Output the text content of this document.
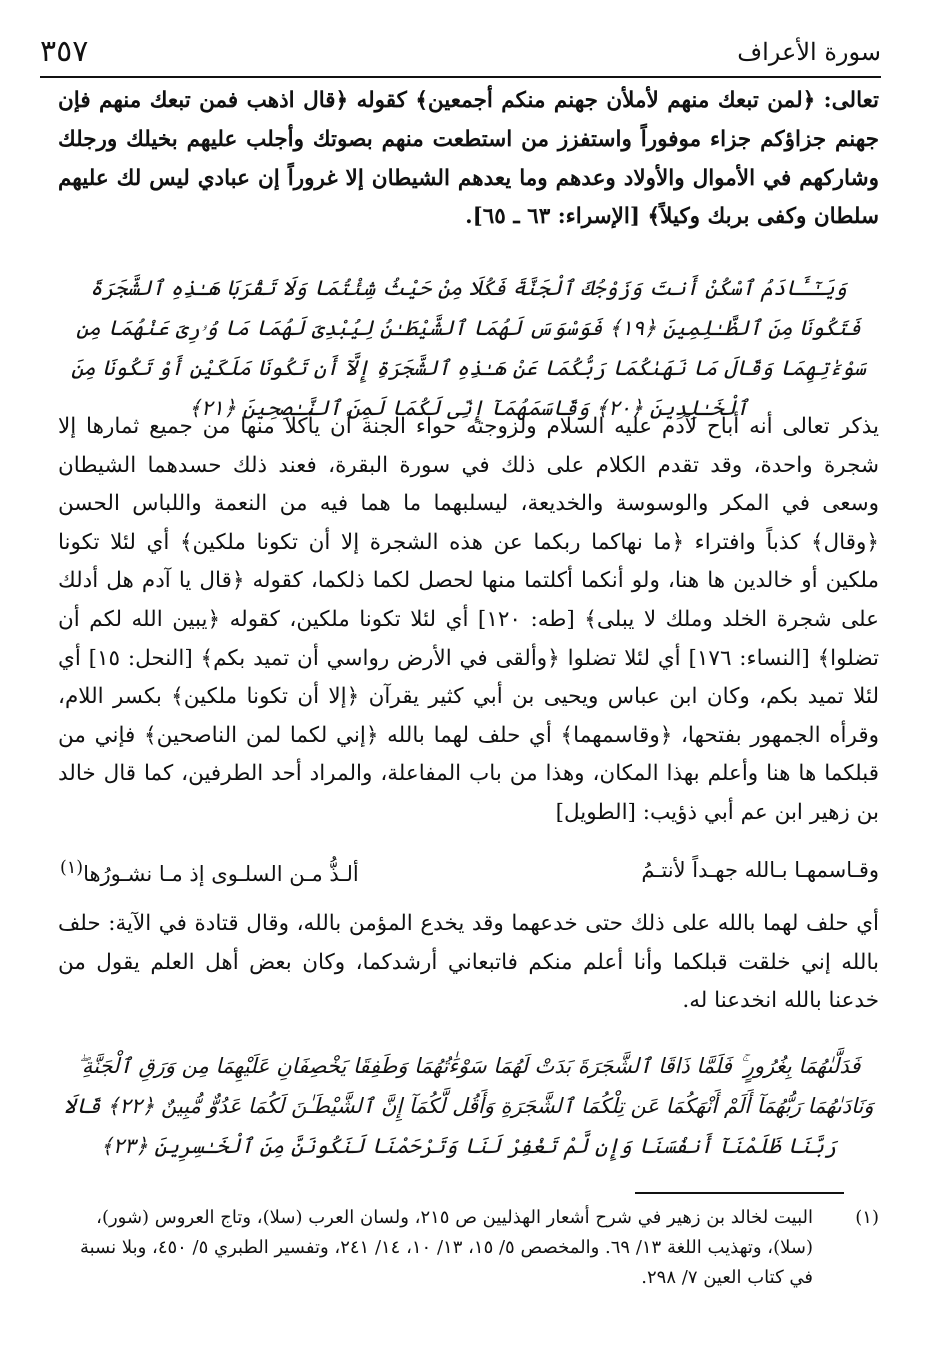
سورة الأعراف
٣٥٧
تعالى: ﴿لمن تبعك منهم لأملأن جهنم منكم أجمعين﴾ كقوله ﴿قال اذهب فمن تبعك منهم فإن جهنم جزاؤكم جزاء موفوراً واستفزز من استطعت منهم بصوتك وأجلب عليهم بخيلك ورجلك وشاركهم في الأموال والأولاد وعدهم وما يعدهم الشيطان إلا غروراً إن عبادي ليس لك عليهم سلطان وكفى بربك وكيلاً﴾ [الإسراء: ٦٣ ـ ٦٥].
وَيَـٰٓـَٔادَمُ ٱسْكُنْ أَنتَ وَزَوْجُكَ ٱلْجَنَّةَ فَكُلَا مِنْ حَيْثُ شِئْتُمَا وَلَا تَقْرَبَا هَـٰذِهِ ٱلشَّجَرَةَ فَتَكُونَا مِنَ ٱلظَّـٰلِمِينَ ﴿١٩﴾ فَوَسْوَسَ لَهُمَا ٱلشَّيْطَـٰنُ لِيُبْدِىَ لَهُمَا مَا وُۥرِىَ عَنْهُمَا مِن سَوْءَٰتِهِمَا وَقَالَ مَا نَهَىٰكُمَا رَبُّكُمَا عَنْ هَـٰذِهِ ٱلشَّجَرَةِ إِلَّآ أَن تَكُونَا مَلَكَيْنِ أَوْ تَكُونَا مِنَ ٱلْخَـٰلِدِينَ ﴿٢٠﴾ وَقَاسَمَهُمَآ إِنِّى لَكُمَا لَمِنَ ٱلنَّـٰصِحِينَ ﴿٢١﴾
يذكر تعالى أنه أباح لآدم عليه السلام ولزوجته حواء الجنة أن يأكلا منها من جميع ثمارها إلا شجرة واحدة، وقد تقدم الكلام على ذلك في سورة البقرة، فعند ذلك حسدهما الشيطان وسعى في المكر والوسوسة والخديعة، ليسلبهما ما هما فيه من النعمة واللباس الحسن ﴿وقال﴾ كذباً وافتراء ﴿ما نهاكما ربكما عن هذه الشجرة إلا أن تكونا ملكين﴾ أي لئلا تكونا ملكين أو خالدين ها هنا، ولو أنكما أكلتما منها لحصل لكما ذلكما، كقوله ﴿قال يا آدم هل أدلك على شجرة الخلد وملك لا يبلى﴾ [طه: ١٢٠] أي لئلا تكونا ملكين، كقوله ﴿يبين الله لكم أن تضلوا﴾ [النساء: ١٧٦] أي لئلا تضلوا ﴿وألقى في الأرض رواسي أن تميد بكم﴾ [النحل: ١٥] أي لئلا تميد بكم، وكان ابن عباس ويحيى بن أبي كثير يقرآن ﴿إلا أن تكونا ملكين﴾ بكسر اللام، وقرأه الجمهور بفتحها، ﴿وقاسمهما﴾ أي حلف لهما بالله ﴿إني لكما لمن الناصحين﴾ فإني من قبلكما ها هنا وأعلم بهذا المكان، وهذا من باب المفاعلة، والمراد أحد الطرفين، كما قال خالد بن زهير ابن عم أبي ذؤيب: [الطويل]
وقـاسمهـا بـالله جهـداً لأنتـمُ
ألـذُّ مـن السلـوى إذ مـا نشـورُها$^{(١)}$
أي حلف لهما بالله على ذلك حتى خدعهما وقد يخدع المؤمن بالله، وقال قتادة في الآية: حلف بالله إني خلقت قبلكما وأنا أعلم منكم فاتبعاني أرشدكما، وكان بعض أهل العلم يقول من خدعنا بالله انخدعنا له.
فَدَلَّىٰهُمَا بِغُرُورٍ ۚ فَلَمَّا ذَاقَا ٱلشَّجَرَةَ بَدَتْ لَهُمَا سَوْءَٰتُهُمَا وَطَفِقَا يَخْصِفَانِ عَلَيْهِمَا مِن وَرَقِ ٱلْجَنَّةِ ۖ وَنَادَىٰهُمَا رَبُّهُمَآ أَلَمْ أَنْهَكُمَا عَن تِلْكُمَا ٱلشَّجَرَةِ وَأَقُل لَّكُمَآ إِنَّ ٱلشَّيْطَـٰنَ لَكُمَا عَدُوٌّ مُّبِينٌ ﴿٢٢﴾ قَالَا رَبَّنَا ظَلَمْنَآ أَنفُسَنَا وَإِن لَّمْ تَغْفِرْ لَنَا وَتَرْحَمْنَا لَنَكُونَنَّ مِنَ ٱلْخَـٰسِرِينَ ﴿٢٣﴾
(١)
البيت لخالد بن زهير في شرح أشعار الهذليين ص ٢١٥، ولسان العرب (سلا)، وتاج العروس (شور)، (سلا)، وتهذيب اللغة ١٣/ ٦٩. والمخصص ٥/ ١٥، ١٣/ ١٠، ١٤/ ٢٤١، وتفسير الطبري ٥/ ٤٥٠، وبلا نسبة في كتاب العين ٧/ ٢٩٨.
